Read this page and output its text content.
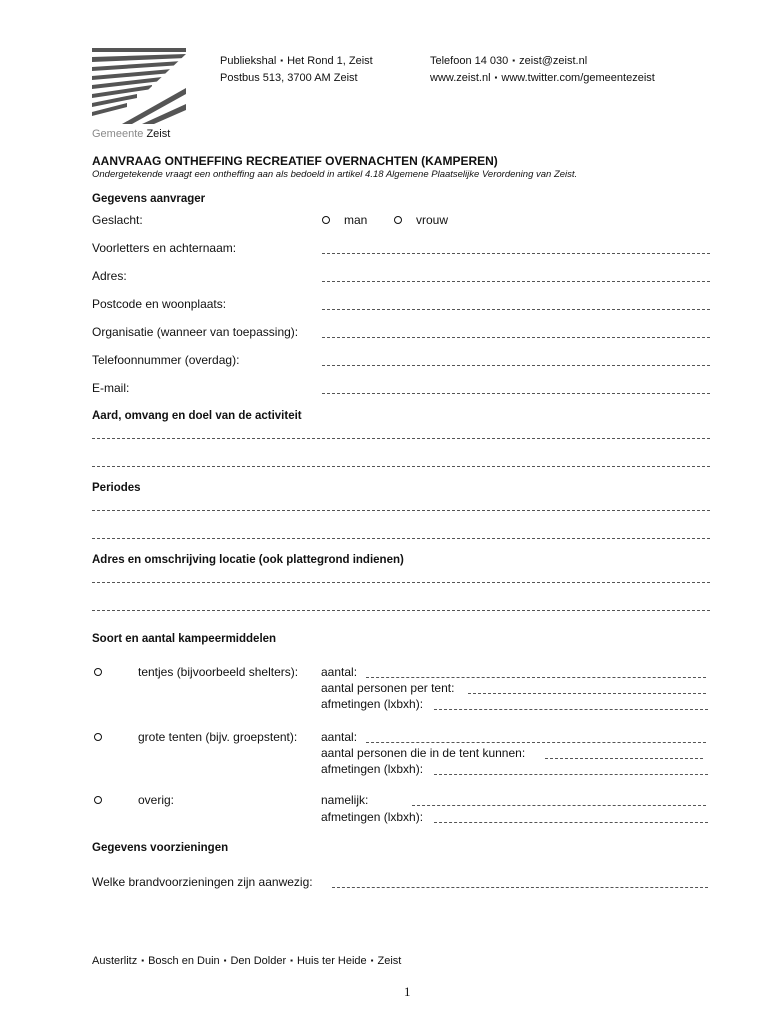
Gemeente Zeist
Publiekshal ▪ Het Rond 1, Zeist
Postbus 513, 3700 AM Zeist
Telefoon 14 030 ▪ zeist@zeist.nl
www.zeist.nl ▪ www.twitter.com/gemeentezeist
AANVRAAG ONTHEFFING RECREATIEF OVERNACHTEN (KAMPEREN)
Ondergetekende vraagt een ontheffing aan als bedoeld in artikel 4.18 Algemene Plaatselijke Verordening van Zeist.
Gegevens aanvrager
Geslacht:	man	vrouw
Voorletters en achternaam:
Adres:
Postcode en woonplaats:
Organisatie (wanneer van toepassing):
Telefoonnummer (overdag):
E-mail:
Aard, omvang en doel van de activiteit
Periodes
Adres en omschrijving locatie (ook plattegrond indienen)
Soort en aantal kampeermiddelen
tentjes (bijvoorbeeld shelters): aantal:
aantal personen per tent:
afmetingen (lxbxh):
grote tenten (bijv. groepstent): aantal:
aantal personen die in de tent kunnen:
afmetingen (lxbxh):
overig:	namelijk:
afmetingen (lxbxh):
Gegevens voorzieningen
Welke brandvoorzieningen zijn aanwezig:
Austerlitz ▪ Bosch en Duin ▪ Den Dolder ▪ Huis ter Heide ▪ Zeist
1
